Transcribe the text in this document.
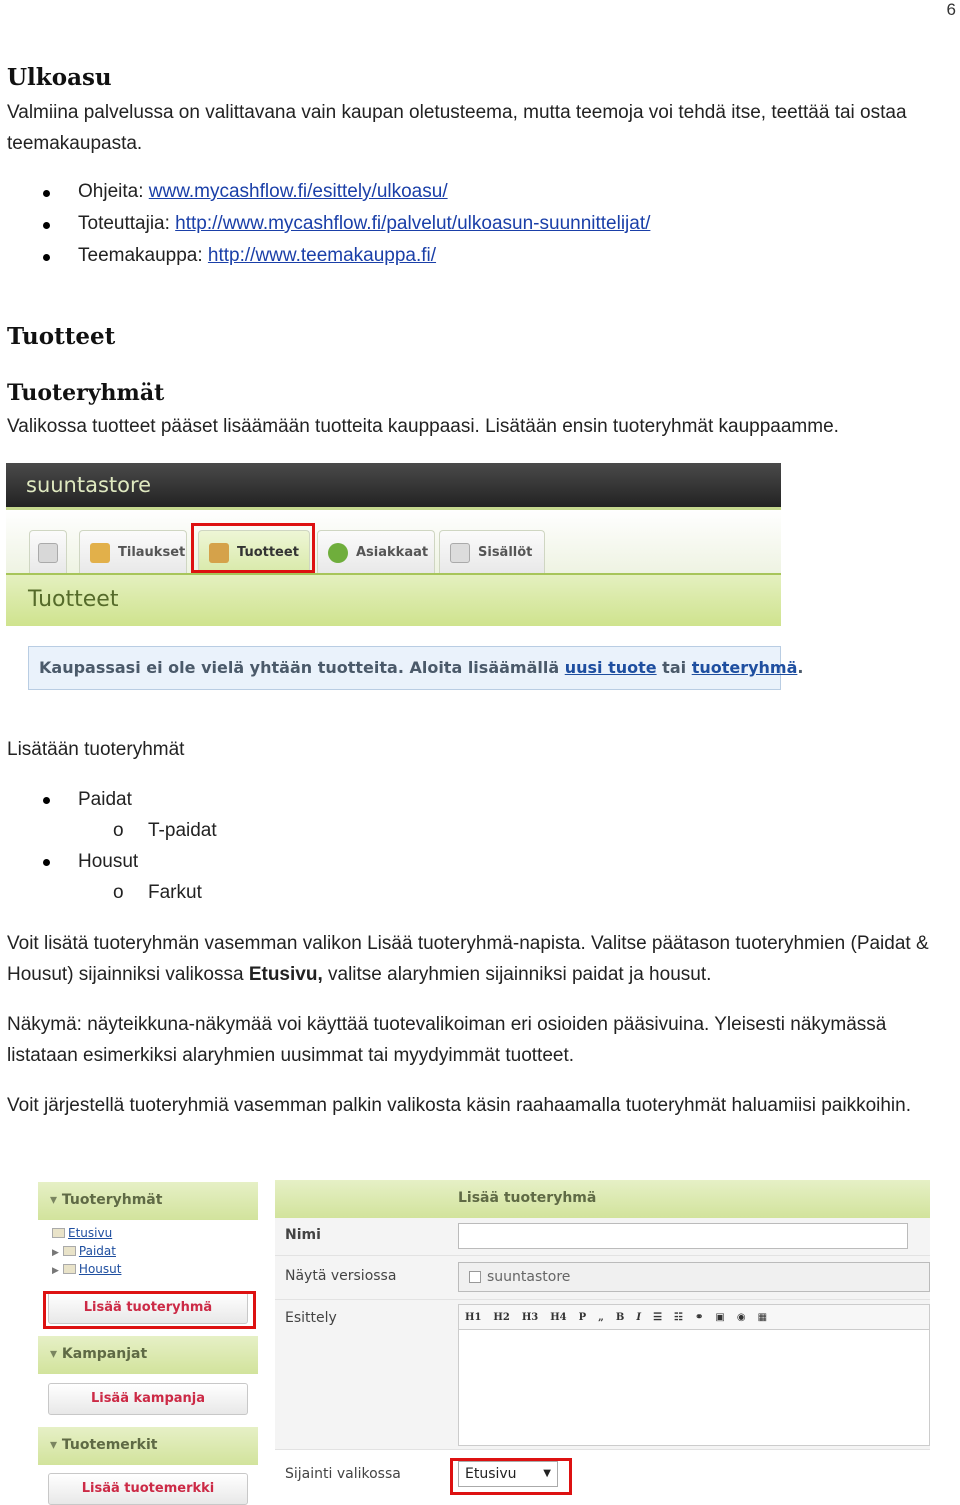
6
Ulkoasu
Valmiina palvelussa on valittavana vain kaupan oletusteema, mutta teemoja voi tehdä itse, teettää tai ostaa teemakaupasta.
Ohjeita: www.mycashflow.fi/esittely/ulkoasu/
Toteuttajia: http://www.mycashflow.fi/palvelut/ulkoasun-suunnittelijat/
Teemakauppa: http://www.teemakauppa.fi/
Tuotteet
Tuoteryhmät
Valikossa tuotteet pääset lisäämään tuotteita kauppaasi. Lisätään ensin tuoteryhmät kauppaamme.
suuntastore
Tilaukset	Tuotteet	Asiakkaat	Sisällöt
Tuotteet
Kaupassasi ei ole vielä yhtään tuotteita. Aloita lisäämällä uusi tuote tai tuoteryhmä.
Lisätään tuoteryhmät
Paidat
o T-paidat
Housut
o Farkut
Voit lisätä tuoteryhmän vasemman valikon Lisää tuoteryhmä-napista. Valitse päätason tuoteryhmien (Paidat & Housut) sijainniksi valikossa Etusivu, valitse alaryhmien sijainniksi paidat ja housut.
Näkymä: näyteikkuna-näkymää voi käyttää tuotevalikoiman eri osioiden pääsivuina. Yleisesti näkymässä listataan esimerkiksi alaryhmien uusimmat tai myydyimmät tuotteet.
Voit järjestellä tuoteryhmiä vasemman palkin valikosta käsin raahaamalla tuoteryhmät haluamiisi paikkoihin.
▾ Tuoteryhmät
Etusivu
▶ Paidat
▶ Housut
Lisää tuoteryhmä
▾ Kampanjat
Lisää kampanja
▾ Tuotemerkit
Lisää tuotemerkki
Lisää tuoteryhmä
Nimi
Näytä versiossa	suuntastore
Esittely	H1 H2 H3 H4 P „ B I ☰ ☷ ⚭ ▣ ◉ ▦
Sijainti valikossa	Etusivu	▼
